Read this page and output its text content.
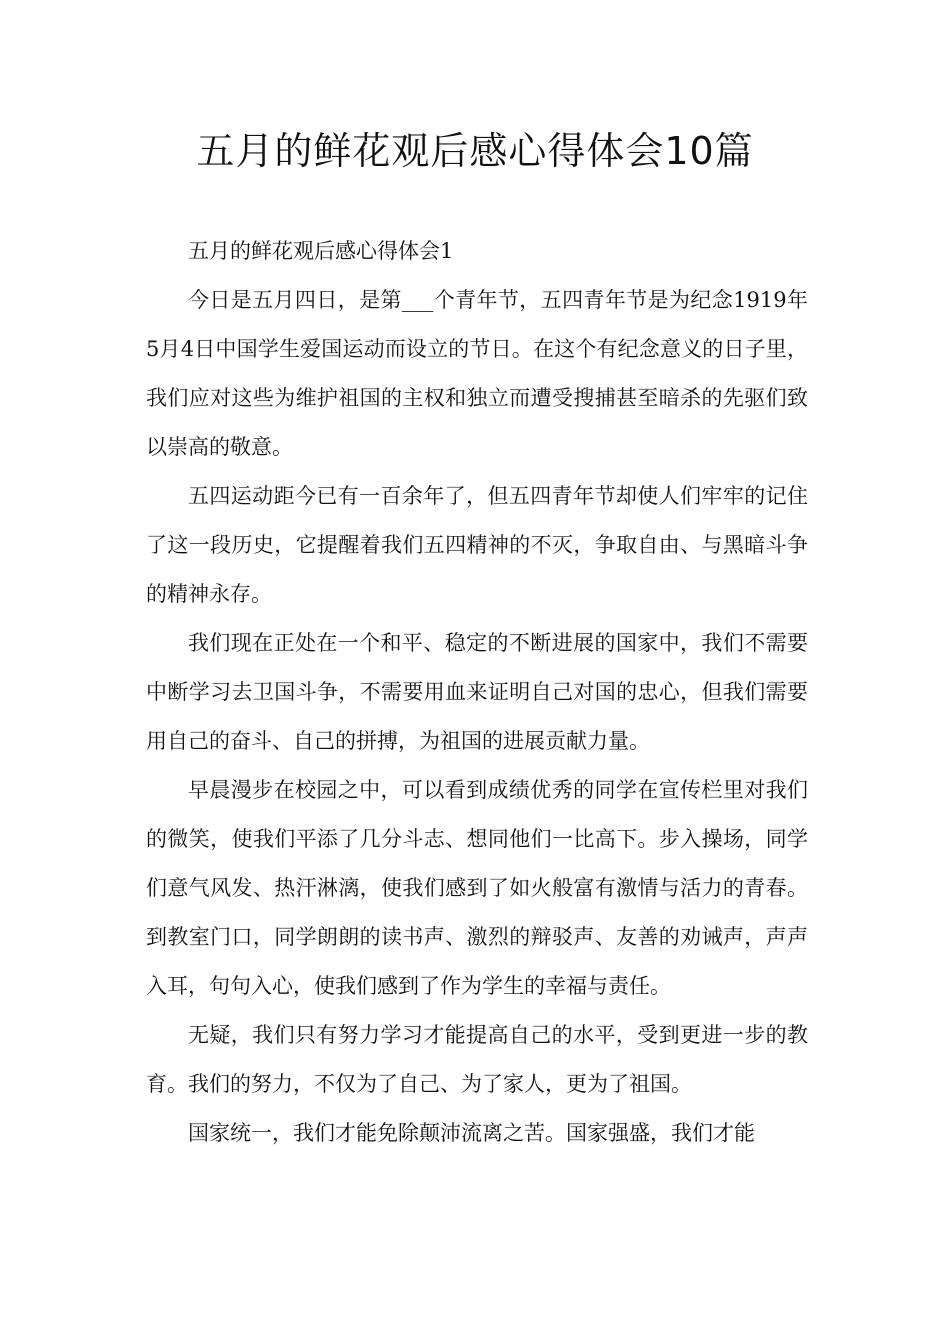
五月的鲜花观后感心得体会10篇

五月的鲜花观后感心得体会1

今日是五月四日，是第___个青年节，五四青年节是为纪念1919年5月4日中国学生爱国运动而设立的节日。在这个有纪念意义的日子里，我们应对这些为维护祖国的主权和独立而遭受搜捕甚至暗杀的先驱们致以崇高的敬意。

五四运动距今已有一百余年了，但五四青年节却使人们牢牢的记住了这一段历史，它提醒着我们五四精神的不灭，争取自由、与黑暗斗争的精神永存。

我们现在正处在一个和平、稳定的不断进展的国家中，我们不需要中断学习去卫国斗争，不需要用血来证明自己对国的忠心，但我们需要用自己的奋斗、自己的拼搏，为祖国的进展贡献力量。

早晨漫步在校园之中，可以看到成绩优秀的同学在宣传栏里对我们的微笑，使我们平添了几分斗志、想同他们一比高下。步入操场，同学们意气风发、热汗淋漓，使我们感到了如火般富有激情与活力的青春。到教室门口，同学朗朗的读书声、激烈的辩驳声、友善的劝诫声，声声入耳，句句入心，使我们感到了作为学生的幸福与责任。

无疑，我们只有努力学习才能提高自己的水平，受到更进一步的教育。我们的努力，不仅为了自己、为了家人，更为了祖国。

国家统一，我们才能免除颠沛流离之苦。国家强盛，我们才能
